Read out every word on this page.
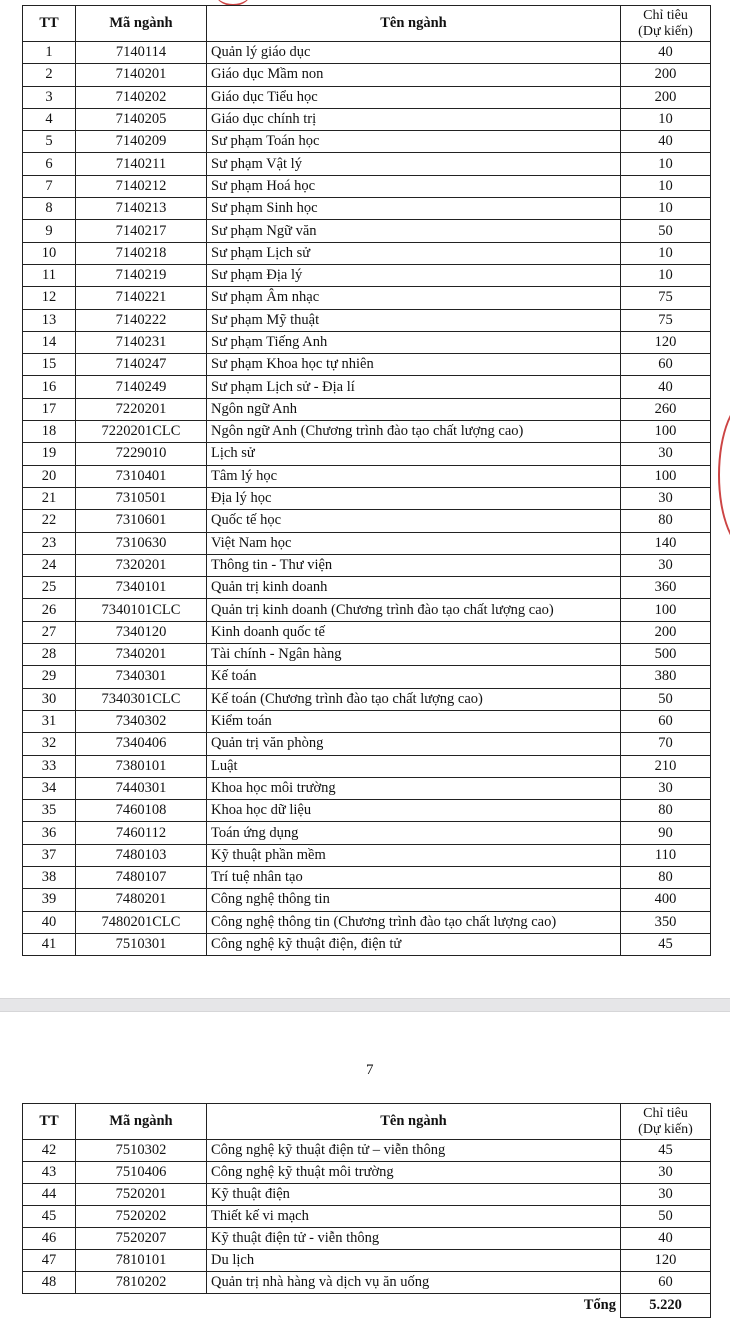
TT	Mã ngành	Tên ngành	Chỉ tiêu
(Dự kiến)

1	7140114	Quản lý giáo dục	40
2	7140201	Giáo dục Mầm non	200
3	7140202	Giáo dục Tiểu học	200
4	7140205	Giáo dục chính trị	10
5	7140209	Sư phạm Toán học	40
6	7140211	Sư phạm Vật lý	10
7	7140212	Sư phạm Hoá học	10
8	7140213	Sư phạm Sinh học	10
9	7140217	Sư phạm Ngữ văn	50
10	7140218	Sư phạm Lịch sử	10
11	7140219	Sư phạm Địa lý	10
12	7140221	Sư phạm Âm nhạc	75
13	7140222	Sư phạm Mỹ thuật	75
14	7140231	Sư phạm Tiếng Anh	120
15	7140247	Sư phạm Khoa học tự nhiên	60
16	7140249	Sư phạm Lịch sử - Địa lí	40
17	7220201	Ngôn ngữ Anh	260
18	7220201CLC	Ngôn ngữ Anh (Chương trình đào tạo chất lượng cao)	100
19	7229010	Lịch sử	30
20	7310401	Tâm lý học	100
21	7310501	Địa lý học	30
22	7310601	Quốc tế học	80
23	7310630	Việt Nam học	140
24	7320201	Thông tin - Thư viện	30
25	7340101	Quản trị kinh doanh	360
26	7340101CLC	Quản trị kinh doanh (Chương trình đào tạo chất lượng cao)	100
27	7340120	Kinh doanh quốc tế	200
28	7340201	Tài chính - Ngân hàng	500
29	7340301	Kế toán	380
30	7340301CLC	Kế toán (Chương trình đào tạo chất lượng cao)	50
31	7340302	Kiểm toán	60
32	7340406	Quản trị văn phòng	70
33	7380101	Luật	210
34	7440301	Khoa học môi trường	30
35	7460108	Khoa học dữ liệu	80
36	7460112	Toán ứng dụng	90
37	7480103	Kỹ thuật phần mềm	110
38	7480107	Trí tuệ nhân tạo	80
39	7480201	Công nghệ thông tin	400
40	7480201CLC	Công nghệ thông tin (Chương trình đào tạo chất lượng cao)	350
41	7510301	Công nghệ kỹ thuật điện, điện tử	45
7
TT	Mã ngành	Tên ngành	Chỉ tiêu
(Dự kiến)

42	7510302	Công nghệ kỹ thuật điện tử – viễn thông	45
43	7510406	Công nghệ kỹ thuật môi trường	30
44	7520201	Kỹ thuật điện	30
45	7520202	Thiết kế vi mạch	50
46	7520207	Kỹ thuật điện tử - viễn thông	40
47	7810101	Du lịch	120
48	7810202	Quản trị nhà hàng và dịch vụ ăn uống	60
		Tổng	5.220
